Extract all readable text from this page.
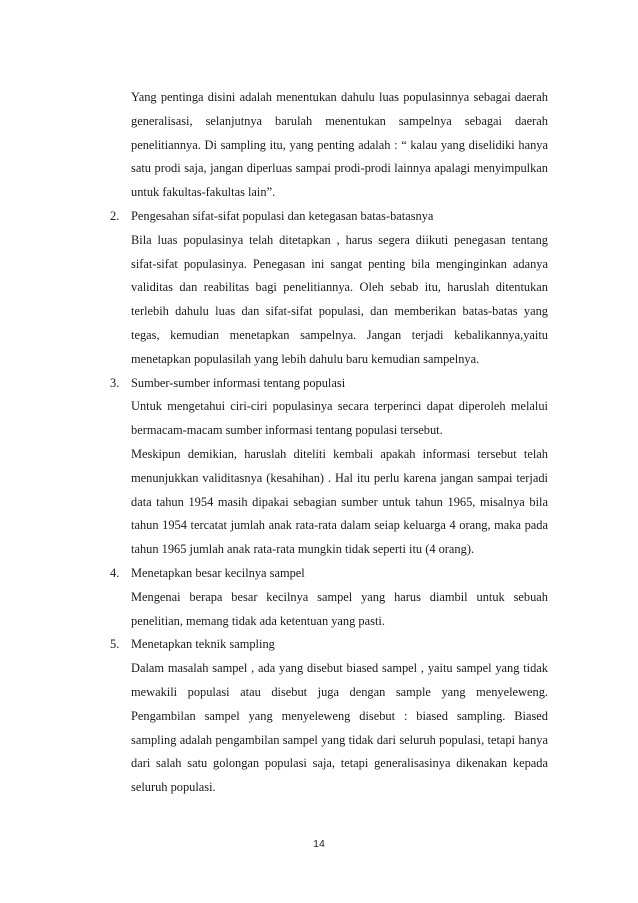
Yang pentinga disini adalah menentukan dahulu luas populasinnya sebagai daerah generalisasi, selanjutnya barulah menentukan sampelnya sebagai daerah penelitiannya. Di sampling itu, yang penting adalah : “ kalau yang diselidiki hanya satu prodi saja, jangan diperluas sampai prodi-prodi lainnya apalagi menyimpulkan untuk fakultas-fakultas lain”.

2. Pengesahan sifat-sifat populasi dan ketegasan batas-batasnya

Bila luas populasinya telah ditetapkan , harus segera diikuti penegasan tentang sifat-sifat populasinya. Penegasan ini sangat penting bila menginginkan adanya validitas dan reabilitas bagi penelitiannya. Oleh sebab itu, haruslah ditentukan terlebih dahulu luas dan sifat-sifat populasi, dan memberikan batas-batas yang tegas, kemudian menetapkan sampelnya. Jangan terjadi kebalikannya,yaitu menetapkan populasilah yang lebih dahulu baru kemudian sampelnya.

3. Sumber-sumber informasi tentang populasi

Untuk mengetahui ciri-ciri populasinya secara terperinci dapat diperoleh melalui bermacam-macam sumber informasi tentang populasi tersebut.

Meskipun demikian, haruslah diteliti kembali apakah informasi tersebut telah menunjukkan validitasnya (kesahihan) . Hal itu perlu karena jangan sampai terjadi data tahun 1954 masih dipakai sebagian sumber untuk tahun 1965, misalnya bila tahun 1954 tercatat jumlah anak rata-rata dalam seiap keluarga 4 orang, maka pada tahun 1965 jumlah anak rata-rata mungkin tidak seperti itu (4 orang).

4. Menetapkan besar kecilnya sampel

Mengenai berapa besar kecilnya sampel yang harus diambil untuk sebuah penelitian, memang tidak ada ketentuan yang pasti.

5. Menetapkan teknik sampling

Dalam masalah sampel , ada yang disebut biased sampel , yaitu sampel yang tidak mewakili populasi atau disebut juga dengan sample yang menyeleweng. Pengambilan sampel yang menyeleweng disebut : biased sampling. Biased sampling adalah pengambilan sampel yang tidak dari seluruh populasi, tetapi hanya dari salah satu golongan populasi saja, tetapi generalisasinya dikenakan kepada seluruh populasi.

14
